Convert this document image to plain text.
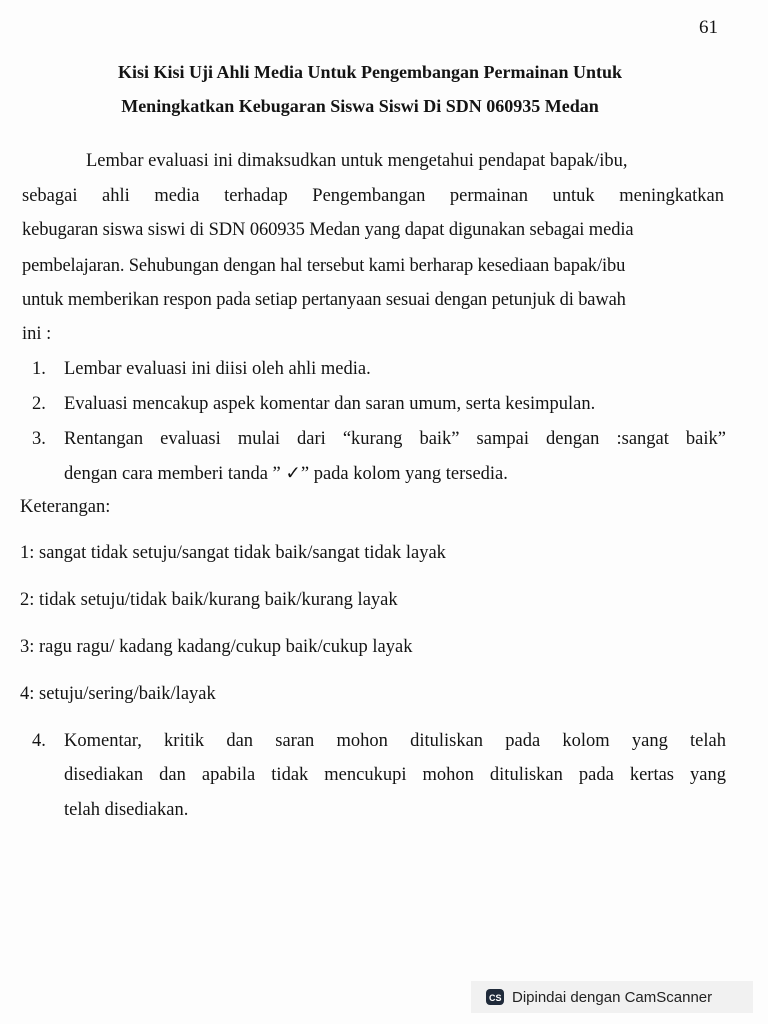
61
Kisi Kisi Uji Ahli Media Untuk Pengembangan Permainan Untuk
Meningkatkan Kebugaran Siswa Siswi Di SDN 060935 Medan
Lembar evaluasi ini dimaksudkan untuk mengetahui pendapat bapak/ibu,
sebagai ahli media terhadap Pengembangan permainan untuk meningkatkan
kebugaran siswa siswi di SDN 060935 Medan yang dapat digunakan sebagai media
pembelajaran. Sehubungan dengan hal tersebut kami berharap kesediaan bapak/ibu
untuk memberikan respon pada setiap pertanyaan sesuai dengan petunjuk di bawah
ini :
1. Lembar evaluasi ini diisi oleh ahli media.
2. Evaluasi mencakup aspek komentar dan saran umum, serta kesimpulan.
3. Rentangan evaluasi mulai dari “kurang baik” sampai dengan :sangat baik”
dengan cara memberi tanda ” ✓” pada kolom yang tersedia.
Keterangan:
1: sangat tidak setuju/sangat tidak baik/sangat tidak layak
2: tidak setuju/tidak baik/kurang baik/kurang layak
3: ragu ragu/ kadang kadang/cukup baik/cukup layak
4: setuju/sering/baik/layak
4. Komentar, kritik dan saran mohon dituliskan pada kolom yang telah
disediakan dan apabila tidak mencukupi mohon dituliskan pada kertas yang
telah disediakan.
CS Dipindai dengan CamScanner
